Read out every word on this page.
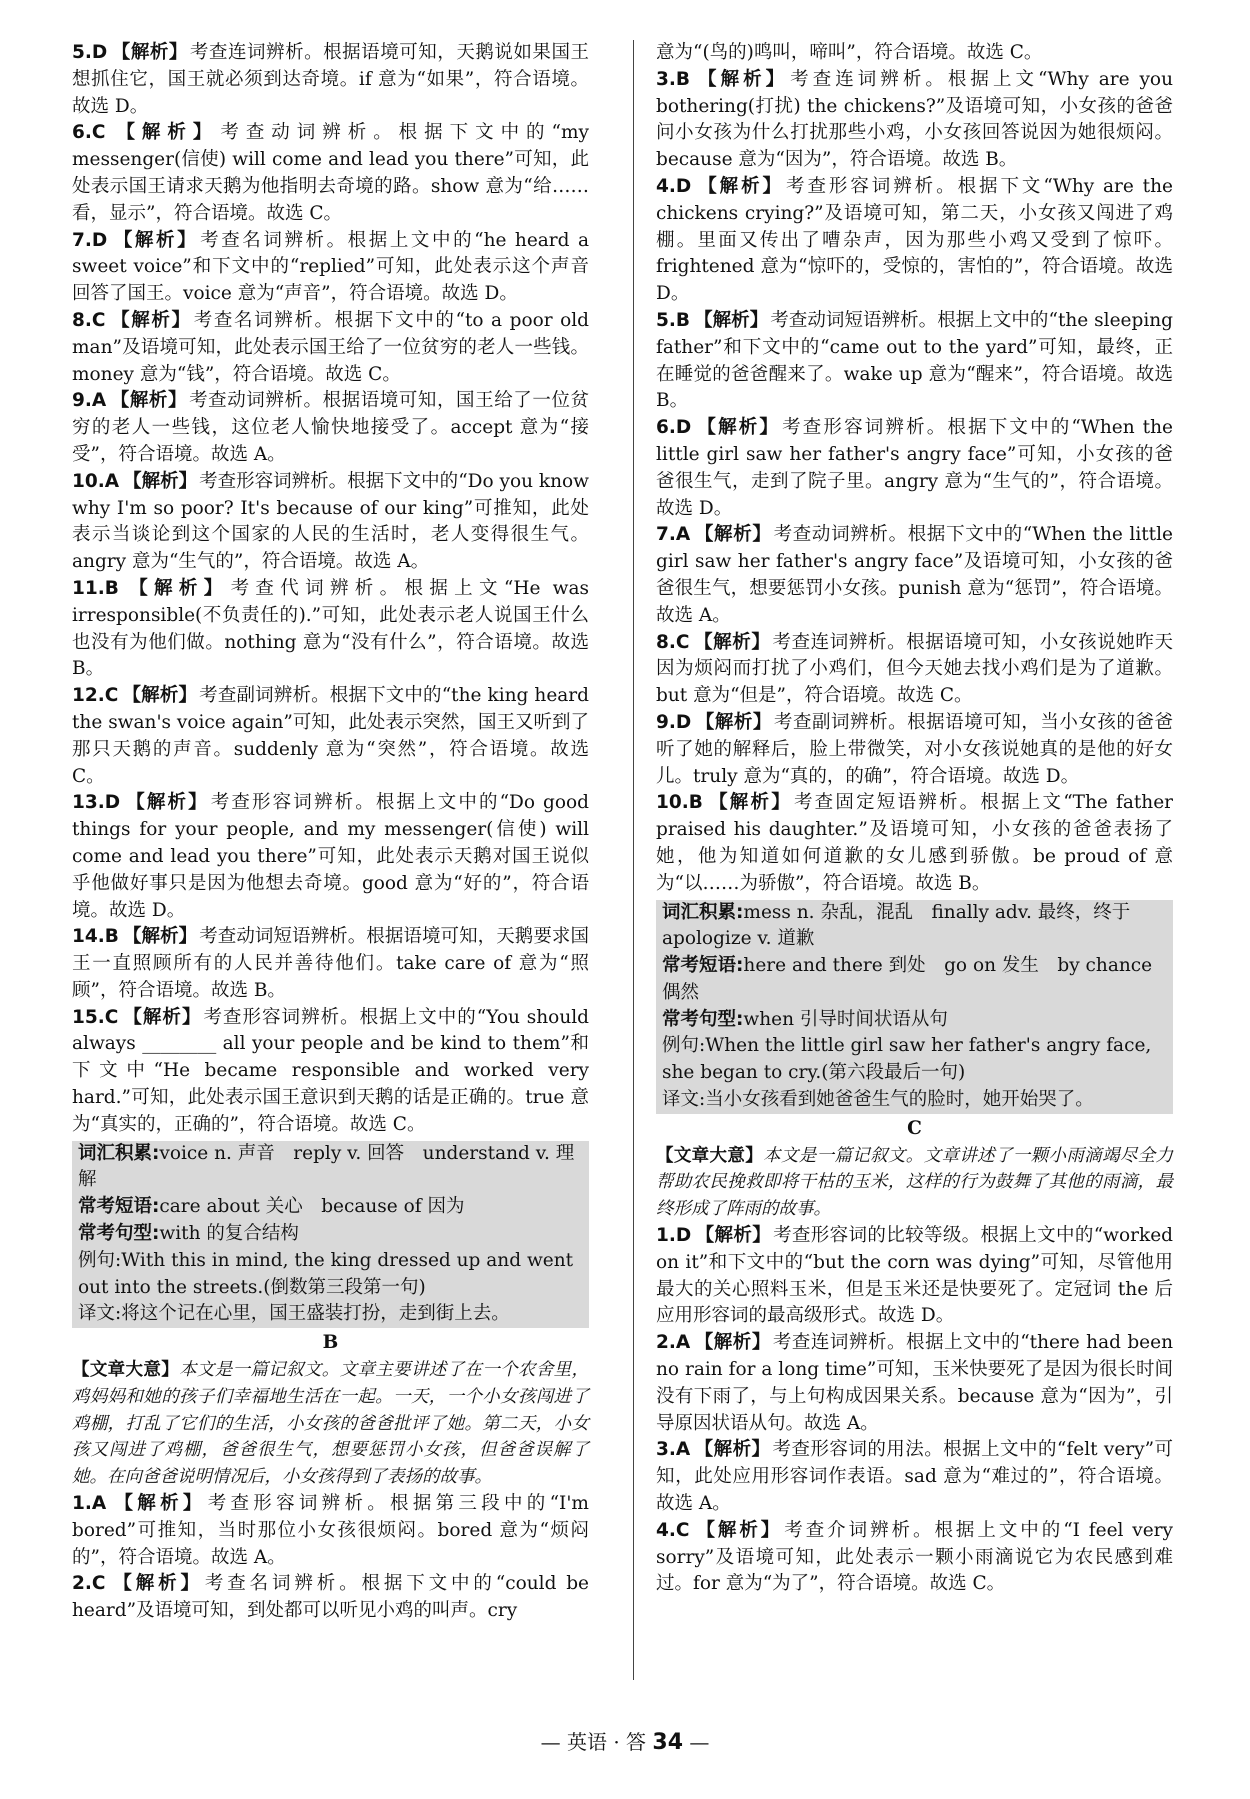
5.D 【解析】 考查连词辨析。根据语境可知，天鹅说如果国王想抓住它，国王就必须到达奇境。if 意为“如果”，符合语境。故选 D。

6.C 【解析】 考查动词辨析。根据下文中的“my messenger(信使) will come and lead you there”可知，此处表示国王请求天鹅为他指明去奇境的路。show 意为“给……看，显示”，符合语境。故选 C。

7.D 【解析】 考查名词辨析。根据上文中的“he heard a sweet voice”和下文中的“replied”可知，此处表示这个声音回答了国王。voice 意为“声音”，符合语境。故选 D。

8.C 【解析】 考查名词辨析。根据下文中的“to a poor old man”及语境可知，此处表示国王给了一位贫穷的老人一些钱。money 意为“钱”，符合语境。故选 C。

9.A 【解析】 考查动词辨析。根据语境可知，国王给了一位贫穷的老人一些钱，这位老人愉快地接受了。accept 意为“接受”，符合语境。故选 A。

10.A 【解析】 考查形容词辨析。根据下文中的“Do you know why I'm so poor? It's because of our king”可推知，此处表示当谈论到这个国家的人民的生活时，老人变得很生气。angry 意为“生气的”，符合语境。故选 A。

11.B 【解析】 考查代词辨析。根据上文“He was irresponsible(不负责任的).”可知，此处表示老人说国王什么也没有为他们做。nothing 意为“没有什么”，符合语境。故选 B。

12.C 【解析】 考查副词辨析。根据下文中的“the king heard the swan's voice again”可知，此处表示突然，国王又听到了那只天鹅的声音。suddenly 意为“突然”，符合语境。故选 C。

13.D 【解析】 考查形容词辨析。根据上文中的“Do good things for your people, and my messenger(信使) will come and lead you there”可知，此处表示天鹅对国王说似乎他做好事只是因为他想去奇境。good 意为“好的”，符合语境。故选 D。

14.B 【解析】 考查动词短语辨析。根据语境可知，天鹅要求国王一直照顾所有的人民并善待他们。take care of 意为“照顾”，符合语境。故选 B。

15.C 【解析】 考查形容词辨析。根据上文中的“You should always ________ all your people and be kind to them”和下文中“He became responsible and worked very hard.”可知，此处表示国王意识到天鹅的话是正确的。true 意为“真实的，正确的”，符合语境。故选 C。

词汇积累:voice n. 声音　reply v. 回答　understand v. 理解
常考短语:care about 关心　because of 因为
常考句型:with 的复合结构
例句:With this in mind, the king dressed up and went out into the streets.(倒数第三段第一句)
译文:将这个记在心里，国王盛装打扮，走到街上去。

B

【文章大意】本文是一篇记叙文。文章主要讲述了在一个农舍里，鸡妈妈和她的孩子们幸福地生活在一起。一天，一个小女孩闯进了鸡棚，打乱了它们的生活，小女孩的爸爸批评了她。第二天，小女孩又闯进了鸡棚，爸爸很生气，想要惩罚小女孩，但爸爸误解了她。在向爸爸说明情况后，小女孩得到了表扬的故事。

1.A 【解析】 考查形容词辨析。根据第三段中的“I'm bored”可推知，当时那位小女孩很烦闷。bored 意为“烦闷的”，符合语境。故选 A。

2.C 【解析】 考查名词辨析。根据下文中的“could be heard”及语境可知，到处都可以听见小鸡的叫声。cry

意为“(鸟的)鸣叫，啼叫”，符合语境。故选 C。

3.B 【解析】 考查连词辨析。根据上文“Why are you bothering(打扰) the chickens?”及语境可知，小女孩的爸爸问小女孩为什么打扰那些小鸡，小女孩回答说因为她很烦闷。because 意为“因为”，符合语境。故选 B。

4.D 【解析】 考查形容词辨析。根据下文“Why are the chickens crying?”及语境可知，第二天，小女孩又闯进了鸡棚。里面又传出了嘈杂声，因为那些小鸡又受到了惊吓。frightened 意为“惊吓的，受惊的，害怕的”，符合语境。故选 D。

5.B 【解析】 考查动词短语辨析。根据上文中的“the sleeping father”和下文中的“came out to the yard”可知，最终，正在睡觉的爸爸醒来了。wake up 意为“醒来”，符合语境。故选 B。

6.D 【解析】 考查形容词辨析。根据下文中的“When the little girl saw her father's angry face”可知，小女孩的爸爸很生气，走到了院子里。angry 意为“生气的”，符合语境。故选 D。

7.A 【解析】 考查动词辨析。根据下文中的“When the little girl saw her father's angry face”及语境可知，小女孩的爸爸很生气，想要惩罚小女孩。punish 意为“惩罚”，符合语境。故选 A。

8.C 【解析】 考查连词辨析。根据语境可知，小女孩说她昨天因为烦闷而打扰了小鸡们，但今天她去找小鸡们是为了道歉。but 意为“但是”，符合语境。故选 C。

9.D 【解析】 考查副词辨析。根据语境可知，当小女孩的爸爸听了她的解释后，脸上带微笑，对小女孩说她真的是他的好女儿。truly 意为“真的，的确”，符合语境。故选 D。

10.B 【解析】 考查固定短语辨析。根据上文“The father praised his daughter.”及语境可知，小女孩的爸爸表扬了她，他为知道如何道歉的女儿感到骄傲。be proud of 意为“以……为骄傲”，符合语境。故选 B。

词汇积累:mess n. 杂乱，混乱　finally adv. 最终，终于　apologize v. 道歉
常考短语:here and there 到处　go on 发生　by chance 偶然
常考句型:when 引导时间状语从句
例句:When the little girl saw her father's angry face, she began to cry.(第六段最后一句)
译文:当小女孩看到她爸爸生气的脸时，她开始哭了。

C

【文章大意】本文是一篇记叙文。文章讲述了一颗小雨滴竭尽全力帮助农民挽救即将干枯的玉米，这样的行为鼓舞了其他的雨滴，最终形成了阵雨的故事。

1.D 【解析】 考查形容词的比较等级。根据上文中的“worked on it”和下文中的“but the corn was dying”可知，尽管他用最大的关心照料玉米，但是玉米还是快要死了。定冠词 the 后应用形容词的最高级形式。故选 D。

2.A 【解析】 考查连词辨析。根据上文中的“there had been no rain for a long time”可知，玉米快要死了是因为很长时间没有下雨了，与上句构成因果关系。because 意为“因为”，引导原因状语从句。故选 A。

3.A 【解析】 考查形容词的用法。根据上文中的“felt very”可知，此处应用形容词作表语。sad 意为“难过的”，符合语境。故选 A。

4.C 【解析】 考查介词辨析。根据上文中的“I feel very sorry”及语境可知，此处表示一颗小雨滴说它为农民感到难过。for 意为“为了”，符合语境。故选 C。

— 英语 · 答 34 —
